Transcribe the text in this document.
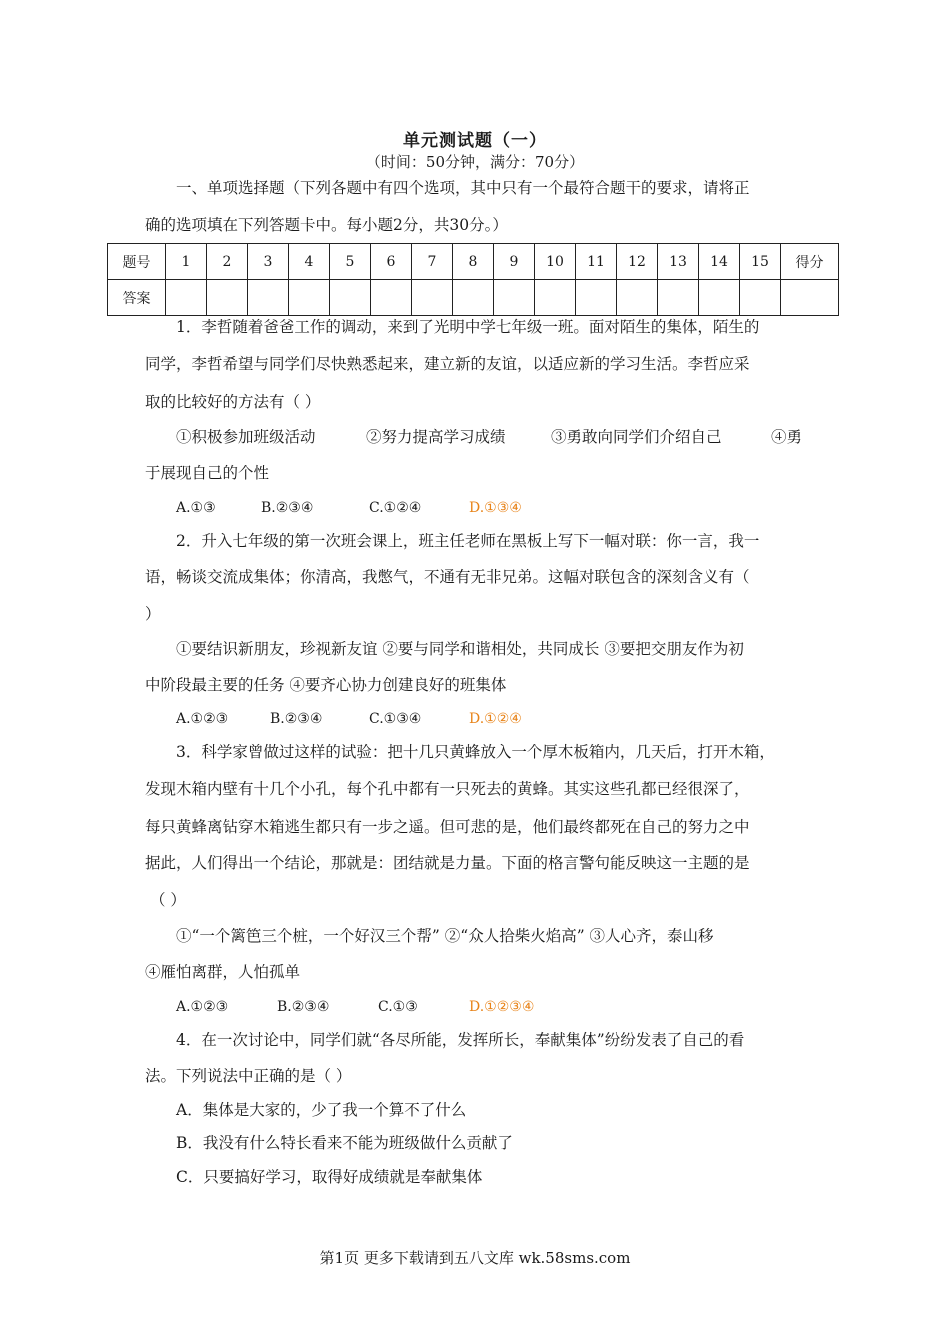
单元测试题（一）
（时间：50分钟，满分：70分）
一、单项选择题（下列各题中有四个选项，其中只有一个最符合题干的要求，请将正
确的选项填在下列答题卡中。每小题2分，共30分。）
题号	1	2	3	4	5	6	7	8	9	10	11	12	13	14	15	得分
答案																
1．李哲随着爸爸工作的调动，来到了光明中学七年级一班。面对陌生的集体，陌生的
同学，李哲希望与同学们尽快熟悉起来，建立新的友谊，以适应新的学习生活。李哲应采
取的比较好的方法有（ ）
①积极参加班级活动	②努力提高学习成绩	③勇敢向同学们介绍自己	④勇
于展现自己的个性
A.①③	B.②③④	C.①②④	D.①③④
2．升入七年级的第一次班会课上，班主任老师在黑板上写下一幅对联：你一言，我一
语，畅谈交流成集体；你清高，我憋气，不通有无非兄弟。这幅对联包含的深刻含义有（
）
①要结识新朋友，珍视新友谊 ②要与同学和谐相处，共同成长 ③要把交朋友作为初
中阶段最主要的任务 ④要齐心协力创建良好的班集体
A.①②③	B.②③④	C.①③④	D.①②④
3．科学家曾做过这样的试验：把十几只黄蜂放入一个厚木板箱内，几天后，打开木箱，
发现木箱内壁有十几个小孔，每个孔中都有一只死去的黄蜂。其实这些孔都已经很深了，
每只黄蜂离钻穿木箱逃生都只有一步之遥。但可悲的是，他们最终都死在自己的努力之中
据此，人们得出一个结论，那就是：团结就是力量。下面的格言警句能反映这一主题的是
（ ）
①“一个篱笆三个桩，一个好汉三个帮” ②“众人拾柴火焰高” ③人心齐，泰山移
④雁怕离群，人怕孤单
A.①②③	B.②③④	C.①③	D.①②③④
4．在一次讨论中，同学们就“各尽所能，发挥所长，奉献集体”纷纷发表了自己的看
法。下列说法中正确的是（ ）
A．集体是大家的，少了我一个算不了什么
B．我没有什么特长看来不能为班级做什么贡献了
C．只要搞好学习，取得好成绩就是奉献集体
第1页 更多下载请到五八文库 wk.58sms.com
